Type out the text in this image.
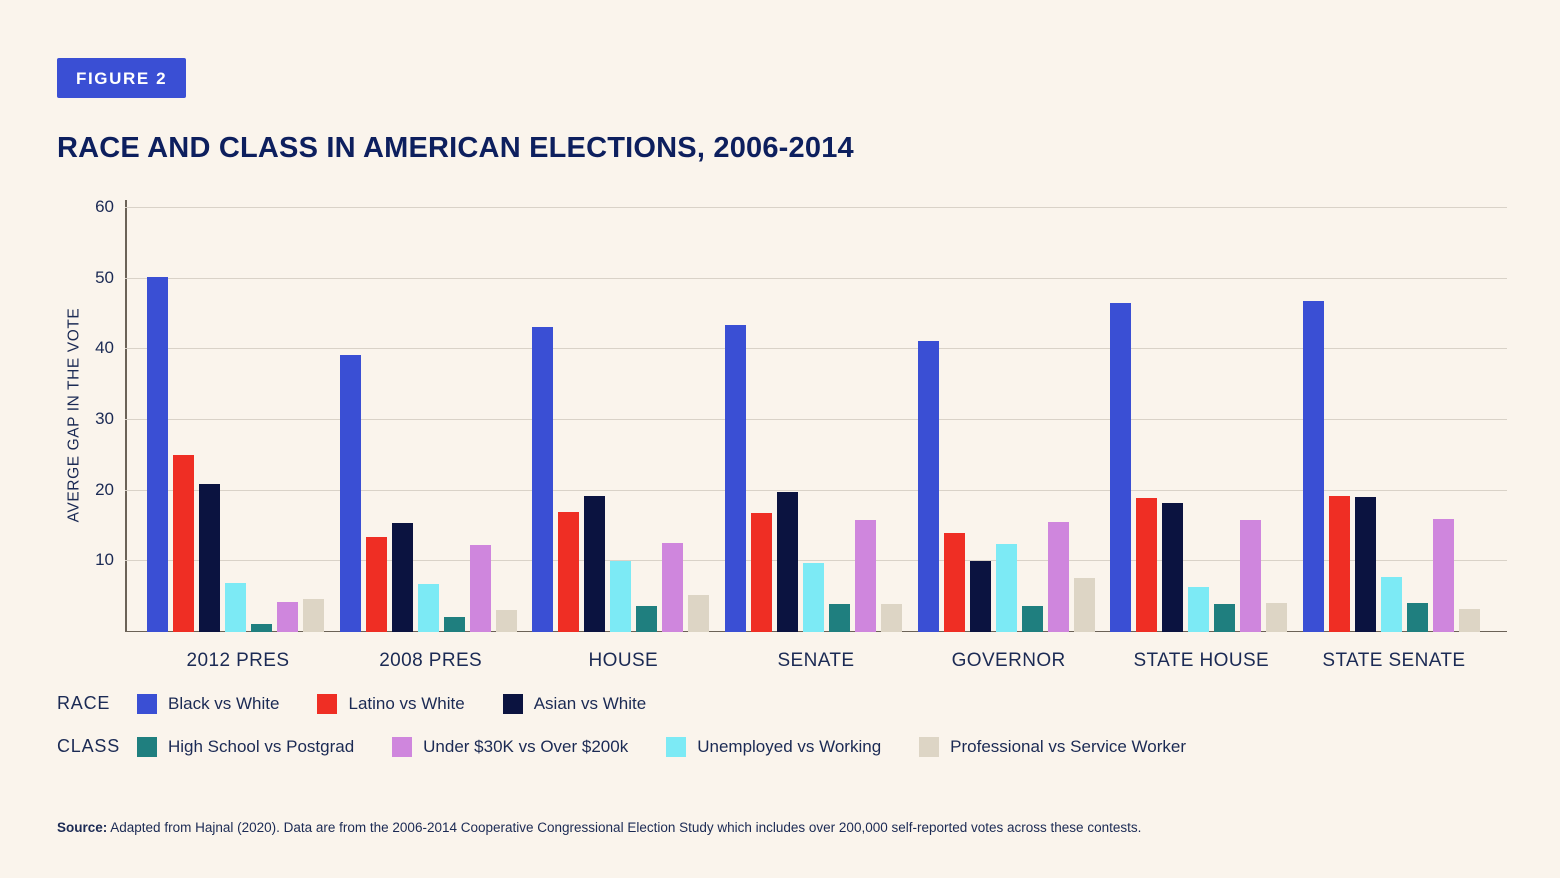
FIGURE 2
RACE AND CLASS IN AMERICAN ELECTIONS, 2006-2014
AVERGE GAP IN THE VOTE
10
20
30
40
50
60
2012 PRES	2008 PRES	HOUSE	SENATE	GOVERNOR	STATE HOUSE	STATE SENATE
RACE	Black vs White	Latino vs White	Asian vs White
CLASS	High School vs Postgrad	Under $30K vs Over $200k	Unemployed vs Working	Professional vs Service Worker
Source: Adapted from Hajnal (2020). Data are from the 2006-2014 Cooperative Congressional Election Study which includes over 200,000 self-reported votes across these contests.
